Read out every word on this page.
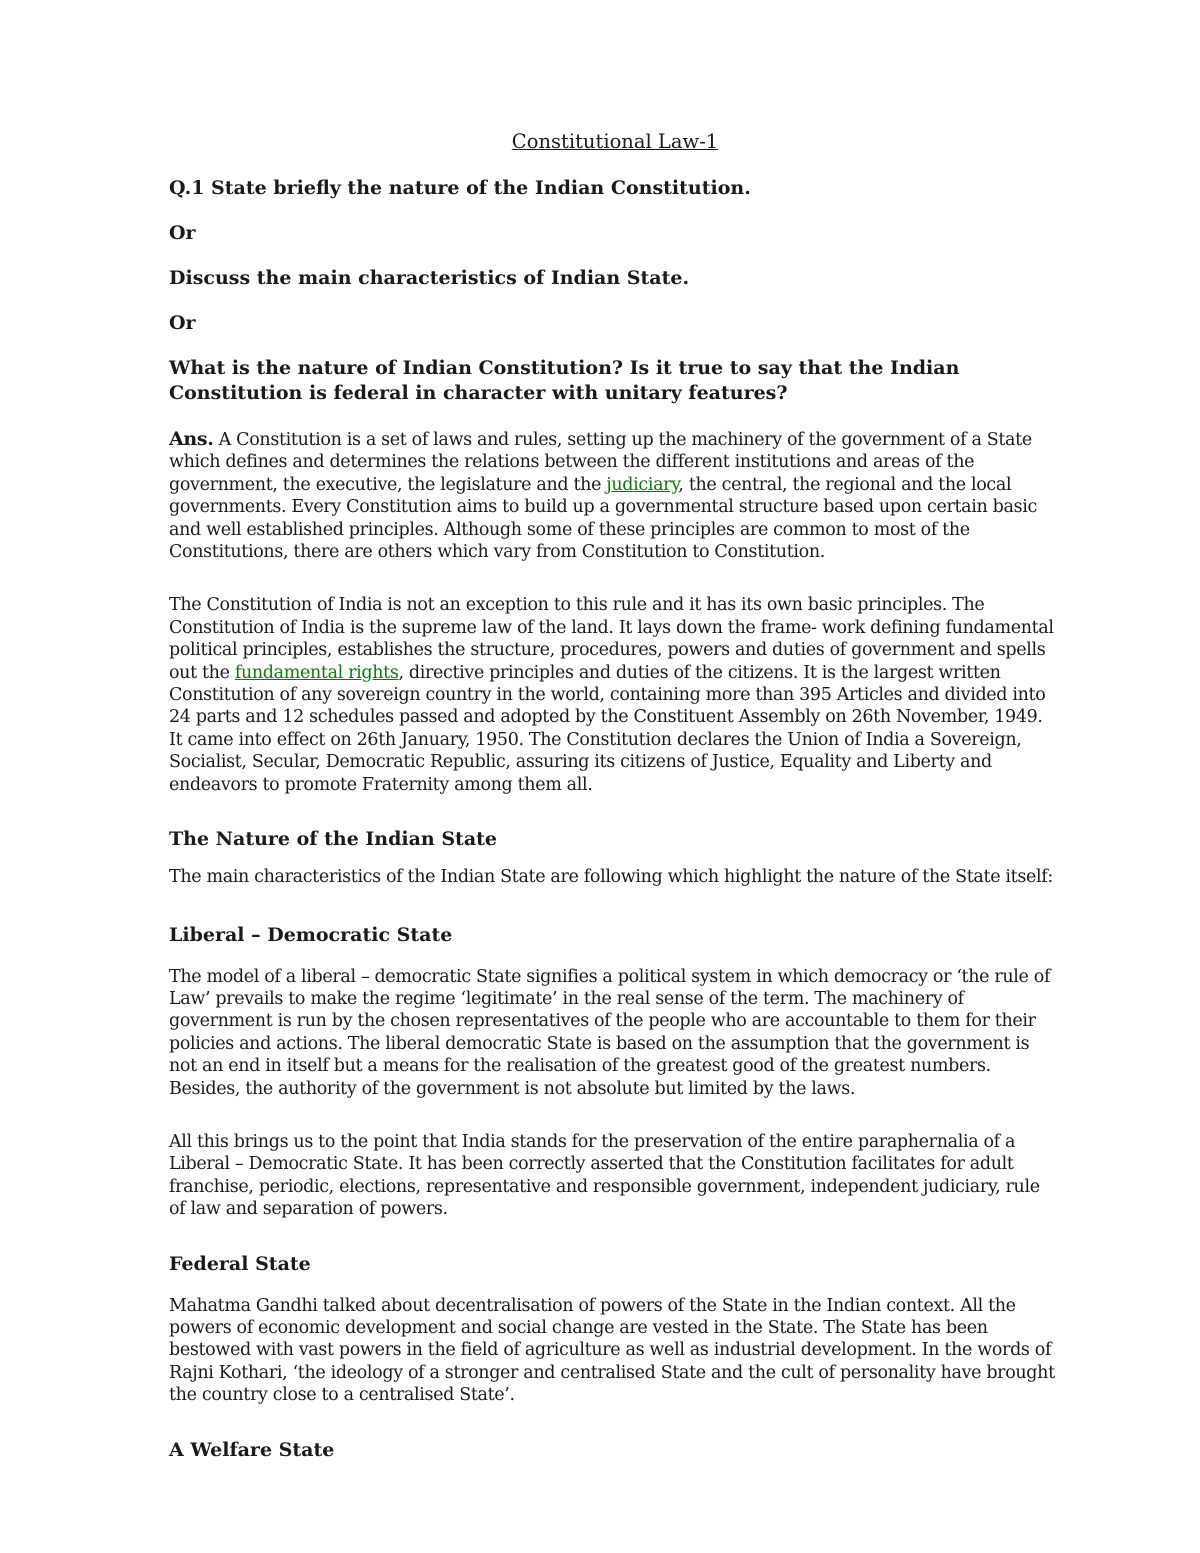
Constitutional Law-1

Q.1 State briefly the nature of the Indian Constitution.

Or

Discuss the main characteristics of Indian State.

Or

What is the nature of Indian Constitution? Is it true to say that the Indian Constitution is federal in character with unitary features?

Ans. A Constitution is a set of laws and rules, setting up the machinery of the government of a State which defines and determines the relations between the different institutions and areas of the government, the executive, the legislature and the judiciary, the central, the regional and the local governments. Every Constitution aims to build up a governmental structure based upon certain basic and well established principles. Although some of these principles are common to most of the Constitutions, there are others which vary from Constitution to Constitution.

The Constitution of India is not an exception to this rule and it has its own basic principles. The Constitution of India is the supreme law of the land. It lays down the frame- work defining fundamental political principles, establishes the structure, procedures, powers and duties of government and spells out the fundamental rights, directive principles and duties of the citizens. It is the largest written Constitution of any sovereign country in the world, containing more than 395 Articles and divided into 24 parts and 12 schedules passed and adopted by the Constituent Assembly on 26th November, 1949. It came into effect on 26th January, 1950. The Constitution declares the Union of India a Sovereign, Socialist, Secular, Democratic Republic, assuring its citizens of Justice, Equality and Liberty and endeavors to promote Fraternity among them all.

The Nature of the Indian State

The main characteristics of the Indian State are following which highlight the nature of the State itself:

Liberal – Democratic State

The model of a liberal – democratic State signifies a political system in which democracy or ‘the rule of Law’ prevails to make the regime ‘legitimate’ in the real sense of the term. The machinery of government is run by the chosen representatives of the people who are accountable to them for their policies and actions. The liberal democratic State is based on the assumption that the government is not an end in itself but a means for the realisation of the greatest good of the greatest numbers. Besides, the authority of the government is not absolute but limited by the laws.

All this brings us to the point that India stands for the preservation of the entire paraphernalia of a Liberal – Democratic State. It has been correctly asserted that the Constitution facilitates for adult franchise, periodic, elections, representative and responsible government, independent judiciary, rule of law and separation of powers.

Federal State

Mahatma Gandhi talked about decentralisation of powers of the State in the Indian context. All the powers of economic development and social change are vested in the State. The State has been bestowed with vast powers in the field of agriculture as well as industrial development. In the words of Rajni Kothari, ‘the ideology of a stronger and centralised State and the cult of personality have brought the country close to a centralised State’.

A Welfare State
